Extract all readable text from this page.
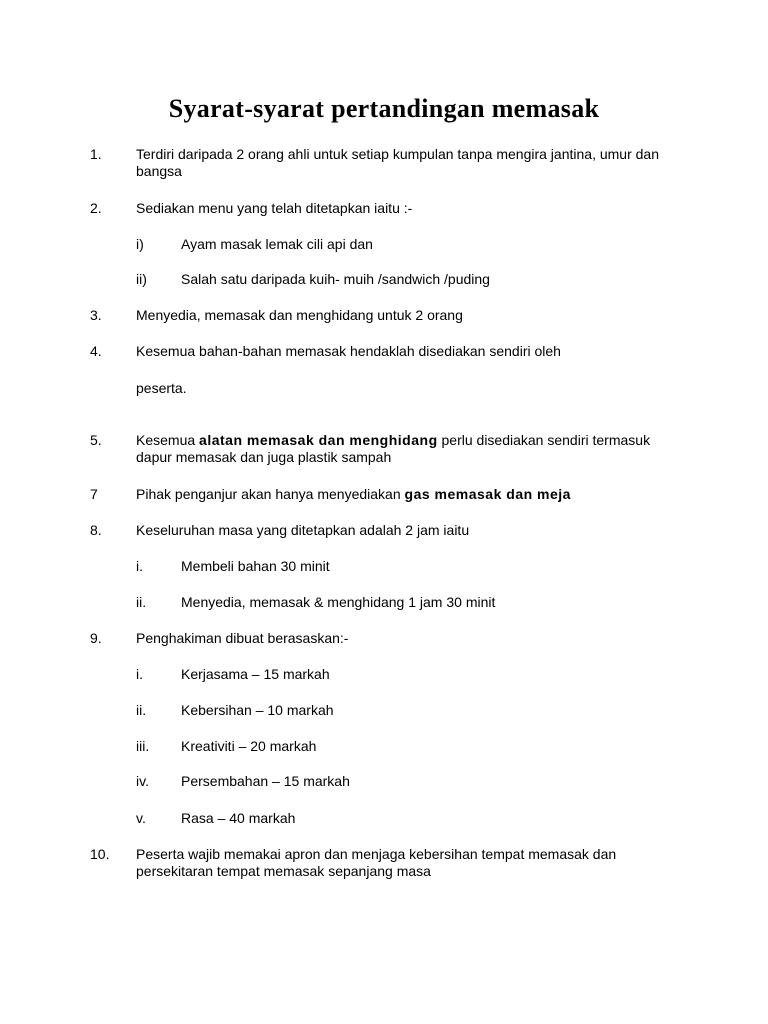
Syarat-syarat pertandingan memasak
1. Terdiri daripada 2 orang ahli untuk setiap kumpulan tanpa mengira jantina, umur dan bangsa
2. Sediakan menu yang telah ditetapkan iaitu :-
i)	Ayam masak lemak cili api dan
ii) Salah satu daripada kuih- muih /sandwich /puding
3. Menyedia, memasak dan menghidang untuk 2 orang
4. Kesemua bahan-bahan memasak hendaklah disediakan sendiri oleh
peserta.
5. Kesemua alatan memasak dan menghidang perlu disediakan sendiri termasuk dapur memasak dan juga plastik sampah
7	Pihak penganjur akan hanya menyediakan gas memasak dan meja
8. Keseluruhan masa yang ditetapkan adalah 2 jam iaitu
i.	Membeli bahan 30 minit
ii. Menyedia, memasak & menghidang 1 jam 30 minit
9. Penghakiman dibuat berasaskan:-
i.	Kerjasama – 15 markah
ii. Kebersihan – 10 markah
iii. Kreativiti – 20 markah
iv. Persembahan – 15 markah
v.	Rasa – 40 markah
10. Peserta wajib memakai apron dan menjaga kebersihan tempat memasak dan persekitaran tempat memasak sepanjang masa
